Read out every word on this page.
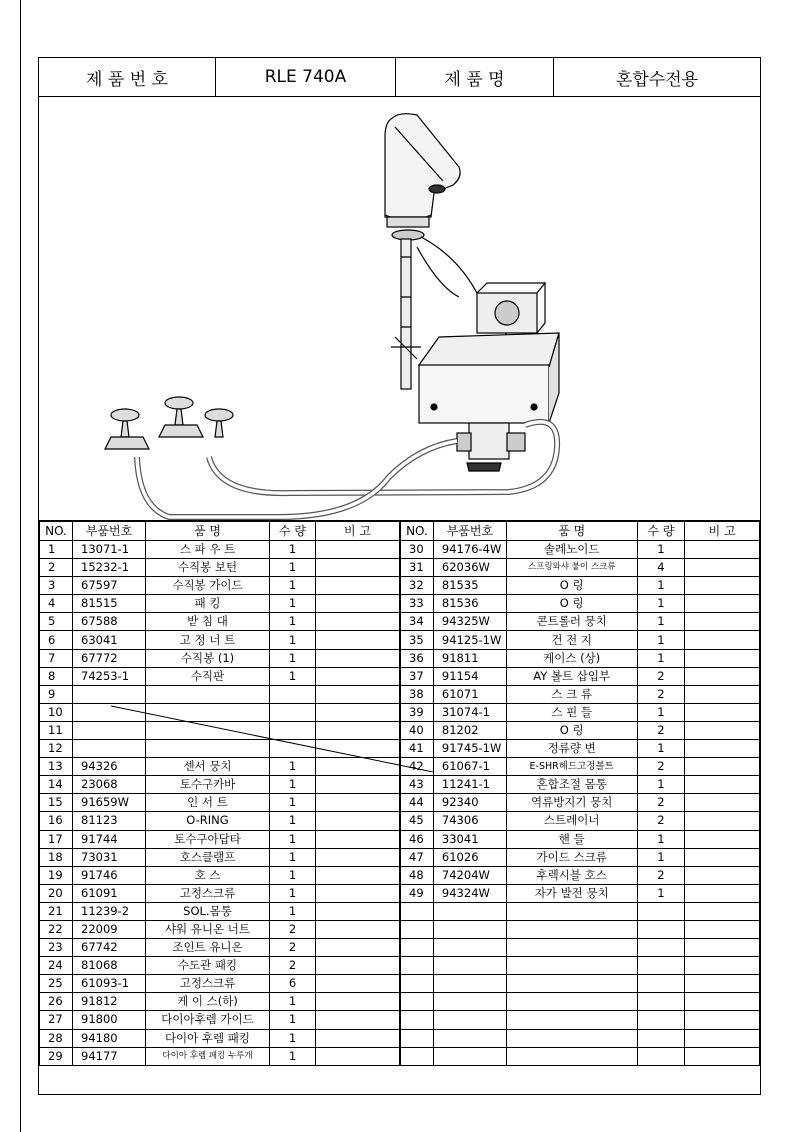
제 품 번 호	RLE 740A	제 품 명	혼합수전용
NO.	부품번호	품 명	수 량	비 고
1	13071-1	스 파 우 트	1	
2	15232-1	수직봉 보턴	1	
3	67597	수직봉 가이드	1	
4	81515	패 킹	1	
5	67588	받 침 대	1	
6	63041	고 정 너 트	1	
7	67772	수직봉 (1)	1	
8	74253-1	수직판	1	
9				
10				
11				
12				
13	94326	센서 뭉치	1	
14	23068	토수구카바	1	
15	91659W	인 서 트	1	
16	81123	O-RING	1	
17	91744	토수구아답타	1	
18	73031	호스클램프	1	
19	91746	호 스	1	
20	61091	고정스크류	1	
21	11239-2	SOL.몸통	1	
22	22009	샤워 유니온 너트	2	
23	67742	조인트 유니온	2	
24	81068	수도관 패킹	2	
25	61093-1	고정스크류	6	
26	91812	케 이 스(하)	1	
27	91800	다이아후렘 가이드	1	
28	94180	다이아 후렘 패킹	1	
29	94177	다이아 후렘 패킹 누루개	1	
NO.	부품번호	품 명	수 량	비 고
30	94176-4W	솔레노이드	1	
31	62036W	스프링와샤 붙이 스크류	4	
32	81535	O 링	1	
33	81536	O 링	1	
34	94325W	콘트롤러 뭉치	1	
35	94125-1W	건 전 지	1	
36	91811	케이스 (상)	1	
37	91154	AY 볼트 삽입부	2	
38	61071	스 크 류	2	
39	31074-1	스 핀 들	1	
40	81202	O 링	2	
41	91745-1W	정류량 변	1	
42	61067-1	E-SHR헤드고정볼트	2	
43	11241-1	혼합조절 몸통	1	
44	92340	역류방지기 뭉치	2	
45	74306	스트레이너	2	
46	33041	핸 들	1	
47	61026	가이드 스크류	1	
48	74204W	후렉시블 호스	2	
49	94324W	자가 발전 뭉치	1	
